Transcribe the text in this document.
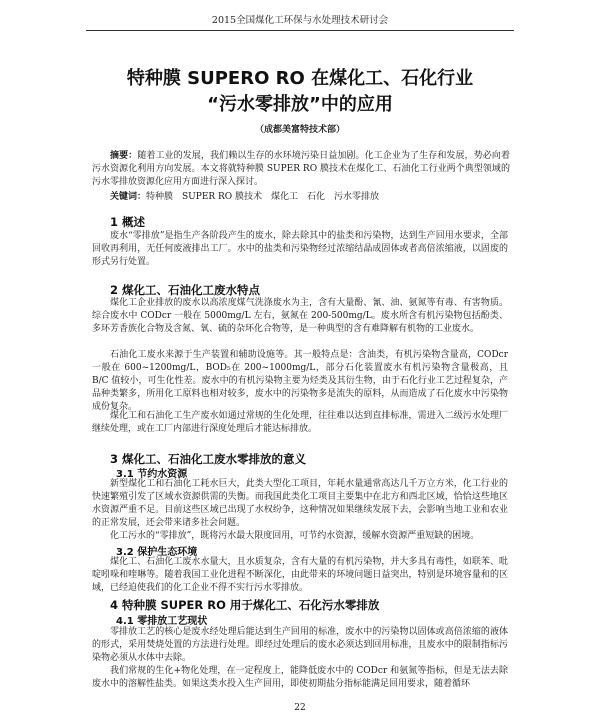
2015全国煤化工环保与水处理技术研讨会
特种膜 SUPERΟ RO 在煤化工、石化行业
“污水零排放”中的应用
（成都美富特技术部）
摘要：随着工业的发展，我们赖以生存的水环境污染日益加剧。化工企业为了生存和发展，势必向着污水资源化利用方向发展。本文将就特种膜 SUPER RO 膜技术在煤化工、石油化工行业两个典型领域的污水零排放资源化应用方面进行深入探讨。
关键词：特种膜　SUPER RO 膜技术　煤化工　石化　污水零排放
1 概述
废水“零排放”是指生产各阶段产生的废水，除去除其中的盐类和污染物，达到生产回用水要求，全部回收再利用，无任何废液排出工厂。水中的盐类和污染物经过浓缩结晶成固体或者高倍浓缩液，以固废的形式另行处置。
2 煤化工、石油化工废水特点
煤化工企业排放的废水以高浓度煤气洗涤废水为主，含有大量酚、氰、油、氨氮等有毒、有害物质。综合废水中 CODcr 一般在 5000mg/L 左右，氨氮在 200-500mg/L。废水所含有机污染物包括酚类、多环芳香族化合物及含氮、氧、硫的杂环化合物等，是一种典型的含有难降解有机物的工业废水。
石油化工废水来源于生产装置和辅助设施等。其一般特点是：含油类，有机污染物含量高，CODcr 一般在 600~1200mg/L，BOD₅在 200~1000mg/L，部分石化装置废水有机污染物含量极高，且 B/C 值较小，可生化性差。废水中的有机污染物主要为烃类及其衍生物，由于石化行业工艺过程复杂，产品种类繁多，所用化工原料也相对较多，废水中的污染物多是流失的原料，从而造成了石化废水中污染物成份复杂。
煤化工和石油化工生产废水如通过常规的生化处理，往往难以达到直排标准，需进入二级污水处理厂继续处理，或在工厂内部进行深度处理后才能达标排放。
3 煤化工、石油化工废水零排放的意义
3.1 节约水资源
新型煤化工和石油化工耗水巨大，此类大型化工项目，年耗水量通常高达几千万立方米，化工行业的快速繁殖引发了区域水资源供需的失衡。而我国此类化工项目主要集中在北方和西北区域，恰恰这些地区水资源严重不足。目前这些区域已出现了水权纷争，这种情况如果继续发展下去，会影响当地工业和农业的正常发展，还会带来诸多社会问题。
化工污水的“零排放”，既将污水最大限度回用，可节约水资源，缓解水资源严重短缺的困境。
3.2 保护生态环境
煤化工、石油化工废水水量大，且水质复杂，含有大量的有机污染物，并大多具有毒性，如联苯、吡啶吲哚和喹啉等。随着我国工业化进程不断深化，由此带来的环境问题日益突出，特别是环境容量和的区域，已经迫使我们的化工企业不得不实行污水零排放。
4 特种膜 SUPER RO 用于煤化工、石化污水零排放
4.1 零排放工艺现状
零排放工艺的核心是废水经处理后能达到生产回用的标准，废水中的污染物以固体或高倍浓缩的液体的形式，采用焚烧处置的方法进行处理。即经过处理后的废水必须达到回用标准，且废水中的限制指标污染物必须从水体中去除。
我们常规的生化+物化处理，在一定程度上，能降低废水中的 CODcr 和氨氮等指标，但是无法去除废水中的溶解性盐类。如果这类水投入生产回用，即使初期盐分指标能满足回用要求，随着循环
22
